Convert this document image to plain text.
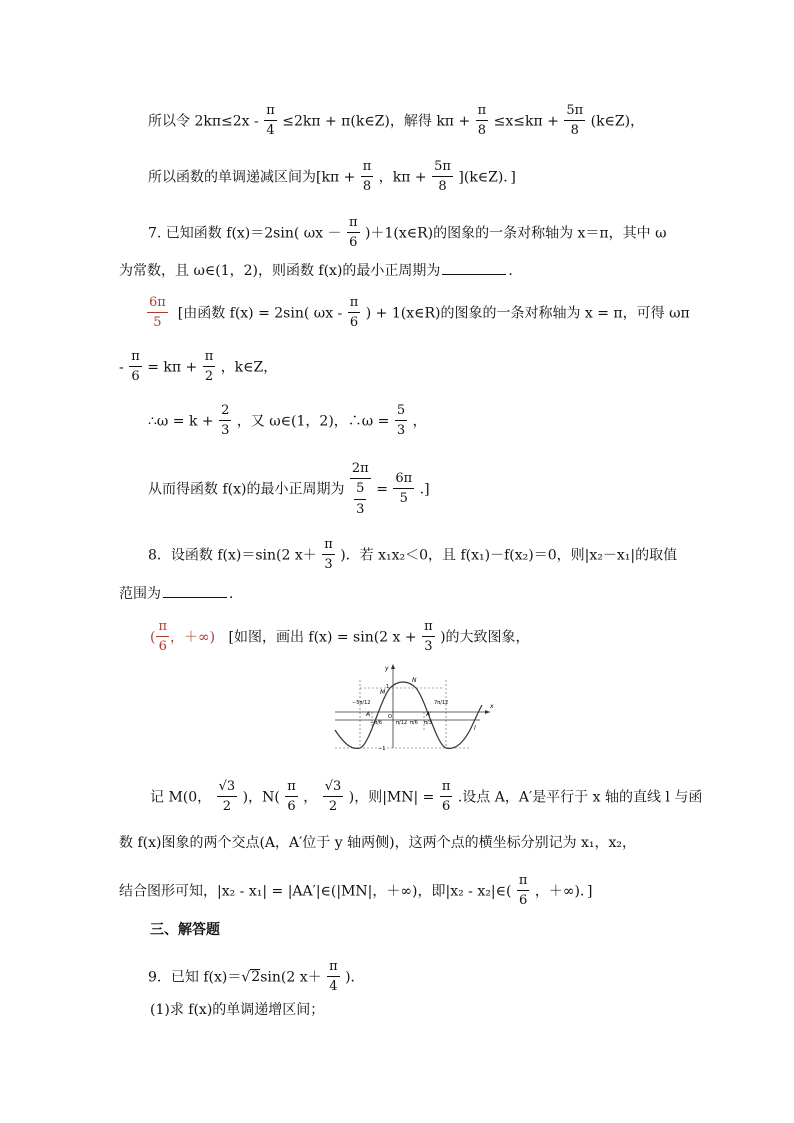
所以令 $2k\pi\le 2x - \frac{\pi}{4} \le 2k\pi$ + π(k∈Z)，解得 $k\pi + \frac{\pi}{8} \le x\le k\pi + \frac{5\pi}{8}$ (k∈Z)，
所以函数的单调递减区间为[$k\pi + \frac{\pi}{8}$ ，$k\pi + \frac{5\pi}{8}$ ](k∈Z)．]
7. 已知函数 f(x)＝2sin( $\omega x - \frac{\pi}{6}$ )＋1(x∈R)的图象的一条对称轴为 x＝π，其中 ω
为常数，且 ω∈(1，2)，则函数 f(x)的最小正周期为	．
$\frac{6\pi}{5}$ [由函数 f(x) = 2sin( ωx - $\frac{\pi}{6}$ ) + 1(x∈R)的图象的一条对称轴为 x = π，可得 ωπ
- $\frac{\pi}{6} = k\pi + \frac{\pi}{2}$ ，k∈Z，
∴ω = $k + \frac{2}{3}$ ，又 ω∈(1，2)，∴ω = $\frac{5}{3}$ ，
从而得函数 f(x)的最小正周期为 $\frac{2\pi}{\frac{5}{3}} = \frac{6\pi}{5}$ .]
8．设函数 f(x)＝sin(2 $x+ \frac{\pi}{3}$ )．若 x₁x₂＜0，且 f(x₁)－f(x₂)＝0，则|x₂－x₁|的取值
范围为	．
( $\frac{\pi}{6}$ ，＋∞) [如图，画出 f(x) = sin(2 $x + \frac{\pi}{3}$ )的大致图象，
y
x
l
M
N
1
−1
−5π/12
−π/6
O
π/12 π/6 π/3
7π/12
A	A′
记 M(0， $\frac{√3}{2}$ )，$N( \frac{\pi}{6}$ ， $\frac{√3}{2}$ )，则$|MN| = \frac{\pi}{6}$ .设点 A，A′是平行于 x 轴的直线 l 与函
数 f(x)图象的两个交点(A，A′位于 y 轴两侧)，这两个点的横坐标分别记为 x₁，x₂，
结合图形可知，|x₂ - x₁| = |AA′|∈(|MN|，＋∞)，即|x₂ - x₂|∈( $\frac{\pi}{6}$ ，＋∞)．]
三、解答题
9．已知 f(x)＝√2sin(2 $x+ \frac{\pi}{4}$ )．
(1)求 f(x)的单调递增区间；
